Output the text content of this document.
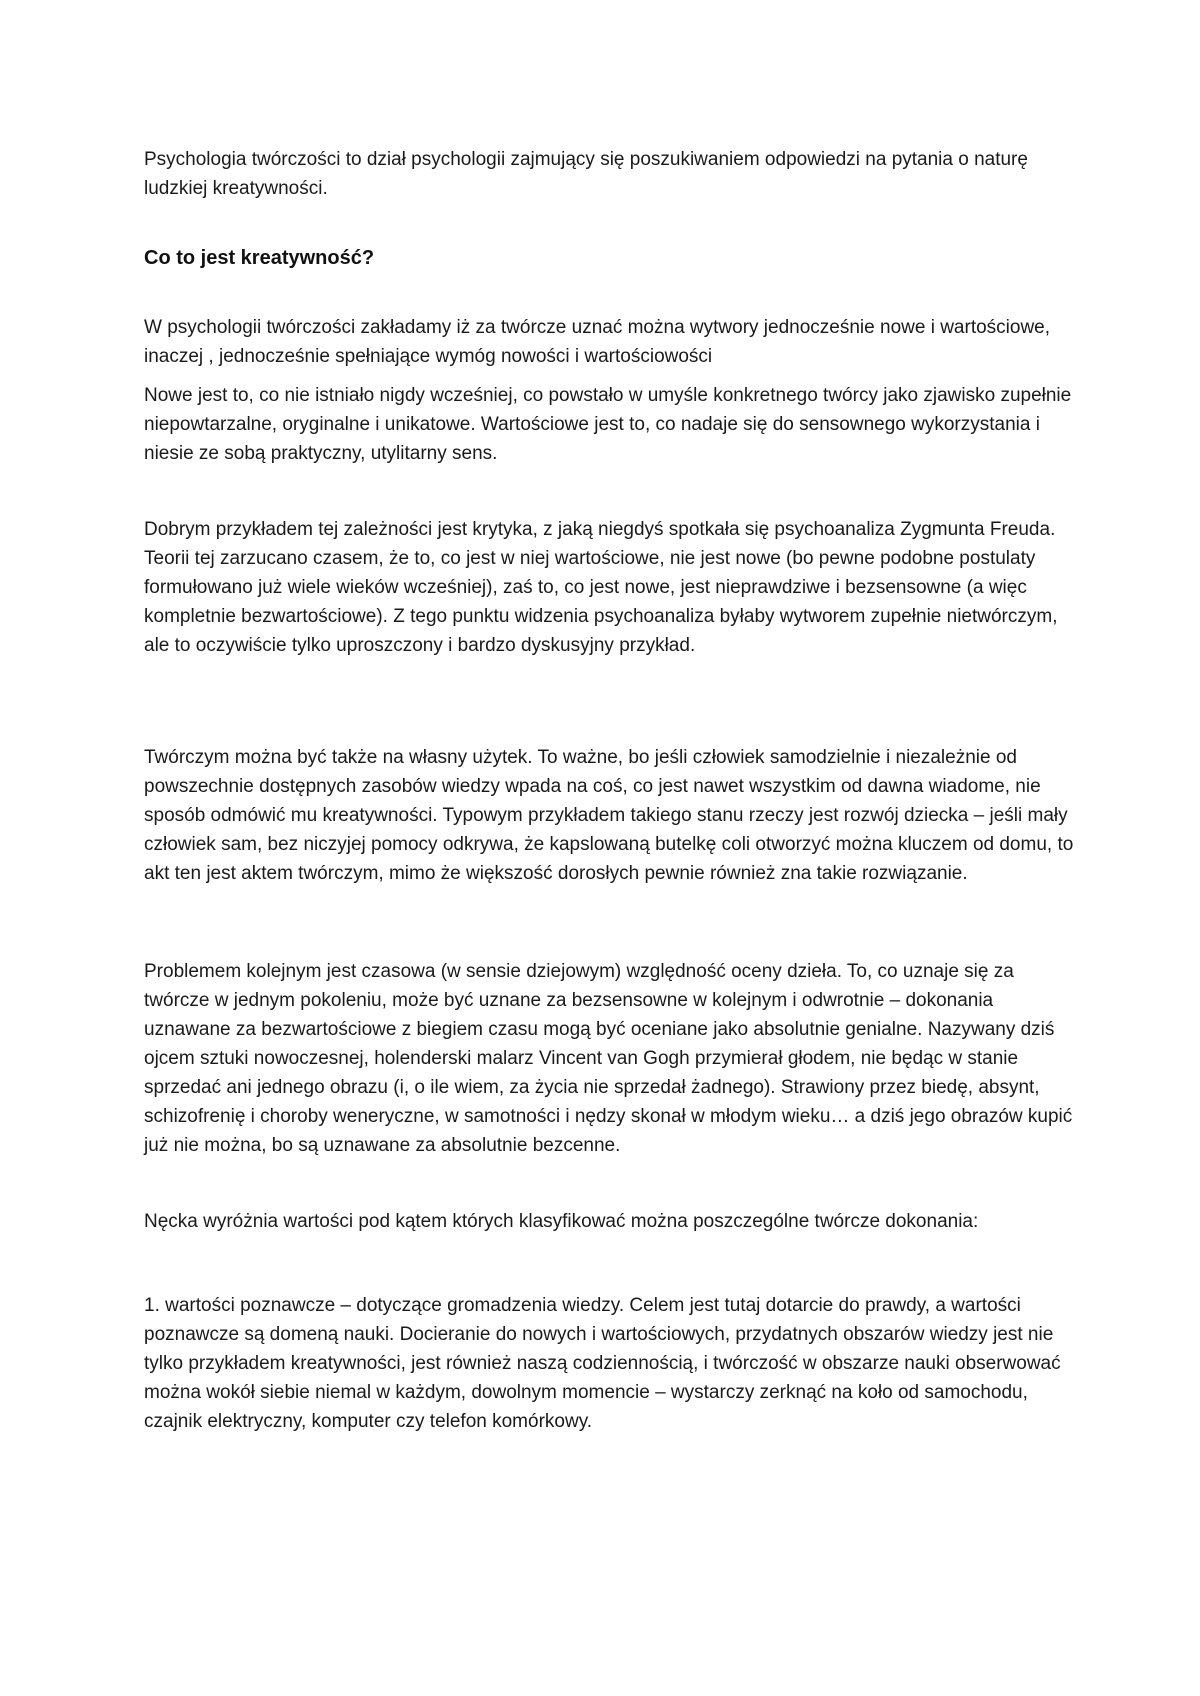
Psychologia twórczości to dział psychologii zajmujący się poszukiwaniem odpowiedzi na pytania o naturę ludzkiej kreatywności.

Co to jest kreatywność?

W psychologii twórczości zakładamy iż za twórcze uznać można wytwory jednocześnie nowe i wartościowe, inaczej , jednocześnie spełniające wymóg nowości i wartościowości

Nowe jest to, co nie istniało nigdy wcześniej, co powstało w umyśle konkretnego twórcy jako zjawisko zupełnie niepowtarzalne, oryginalne i unikatowe. Wartościowe jest to, co nadaje się do sensownego wykorzystania i niesie ze sobą praktyczny, utylitarny sens.

Dobrym przykładem tej zależności jest krytyka, z jaką niegdyś spotkała się psychoanaliza Zygmunta Freuda. Teorii tej zarzucano czasem, że to, co jest w niej wartościowe, nie jest nowe (bo pewne podobne postulaty formułowano już wiele wieków wcześniej), zaś to, co jest nowe, jest nieprawdziwe i bezsensowne (a więc kompletnie bezwartościowe). Z tego punktu widzenia psychoanaliza byłaby wytworem zupełnie nietwórczym, ale to oczywiście tylko uproszczony i bardzo dyskusyjny przykład.

Twórczym można być także na własny użytek. To ważne, bo jeśli człowiek samodzielnie i niezależnie od powszechnie dostępnych zasobów wiedzy wpada na coś, co jest nawet wszystkim od dawna wiadome, nie sposób odmówić mu kreatywności. Typowym przykładem takiego stanu rzeczy jest rozwój dziecka – jeśli mały człowiek sam, bez niczyjej pomocy odkrywa, że kapslowaną butelkę coli otworzyć można kluczem od domu, to akt ten jest aktem twórczym, mimo że większość dorosłych pewnie również zna takie rozwiązanie.

Problemem kolejnym jest czasowa (w sensie dziejowym) względność oceny dzieła. To, co uznaje się za twórcze w jednym pokoleniu, może być uznane za bezsensowne w kolejnym i odwrotnie – dokonania uznawane za bezwartościowe z biegiem czasu mogą być oceniane jako absolutnie genialne. Nazywany dziś ojcem sztuki nowoczesnej, holenderski malarz Vincent van Gogh przymierał głodem, nie będąc w stanie sprzedać ani jednego obrazu (i, o ile wiem, za życia nie sprzedał żadnego). Strawiony przez biedę, absynt, schizofrenię i choroby weneryczne, w samotności i nędzy skonał w młodym wieku… a dziś jego obrazów kupić już nie można, bo są uznawane za absolutnie bezcenne.

Nęcka wyróżnia wartości pod kątem których klasyfikować można poszczególne twórcze dokonania:

1. wartości poznawcze – dotyczące gromadzenia wiedzy. Celem jest tutaj dotarcie do prawdy, a wartości poznawcze są domeną nauki. Docieranie do nowych i wartościowych, przydatnych obszarów wiedzy jest nie tylko przykładem kreatywności, jest również naszą codziennością, i twórczość w obszarze nauki obserwować można wokół siebie niemal w każdym, dowolnym momencie – wystarczy zerknąć na koło od samochodu, czajnik elektryczny, komputer czy telefon komórkowy.
